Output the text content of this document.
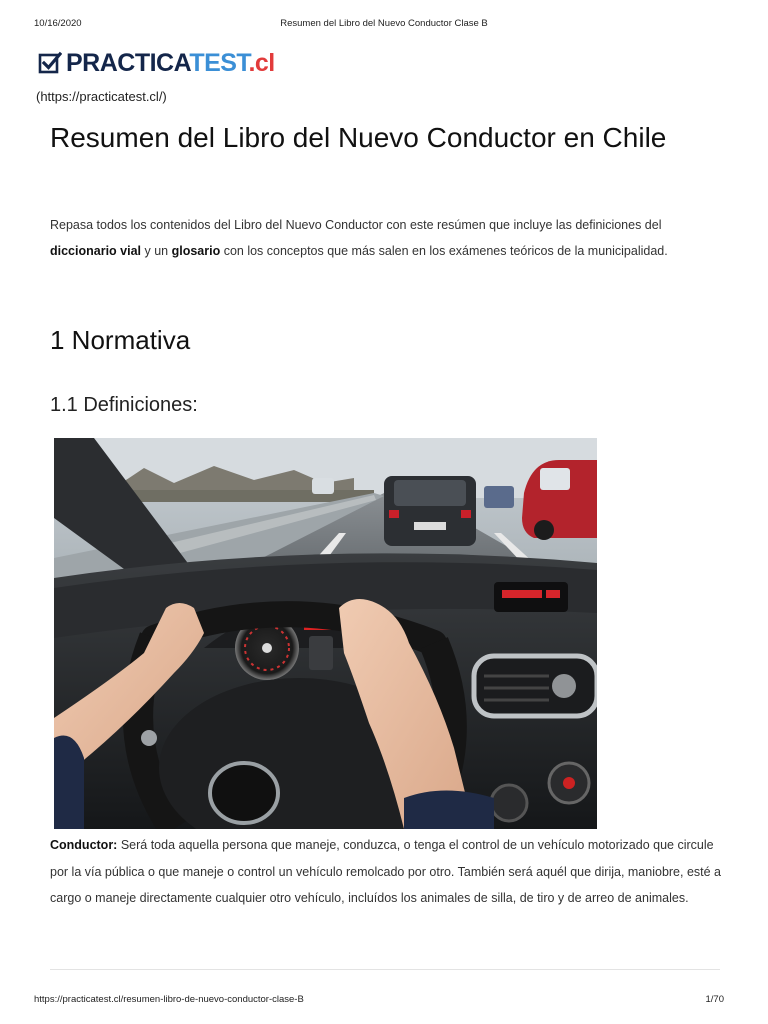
10/16/2020	Resumen del Libro del Nuevo Conductor Clase B
PRACTICATEST.cl
(https://practicatest.cl/)
Resumen del Libro del Nuevo Conductor en Chile

Repasa todos los contenidos del Libro del Nuevo Conductor con este resúmen que incluye las definiciones del diccionario vial y un glosario con los conceptos que más salen en los exámenes teóricos de la municipalidad.

1 Normativa
1.1 Definiciones:

Conductor: Será toda aquella persona que maneje, conduzca, o tenga el control de un vehículo motorizado que circule por la vía pública o que maneje o control un vehículo remolcado por otro. También será aquél que dirija, maniobre, esté a cargo o maneje directamente cualquier otro vehículo, incluídos los animales de silla, de tiro y de arreo de animales.

https://practicatest.cl/resumen-libro-de-nuevo-conductor-clase-B	1/70
